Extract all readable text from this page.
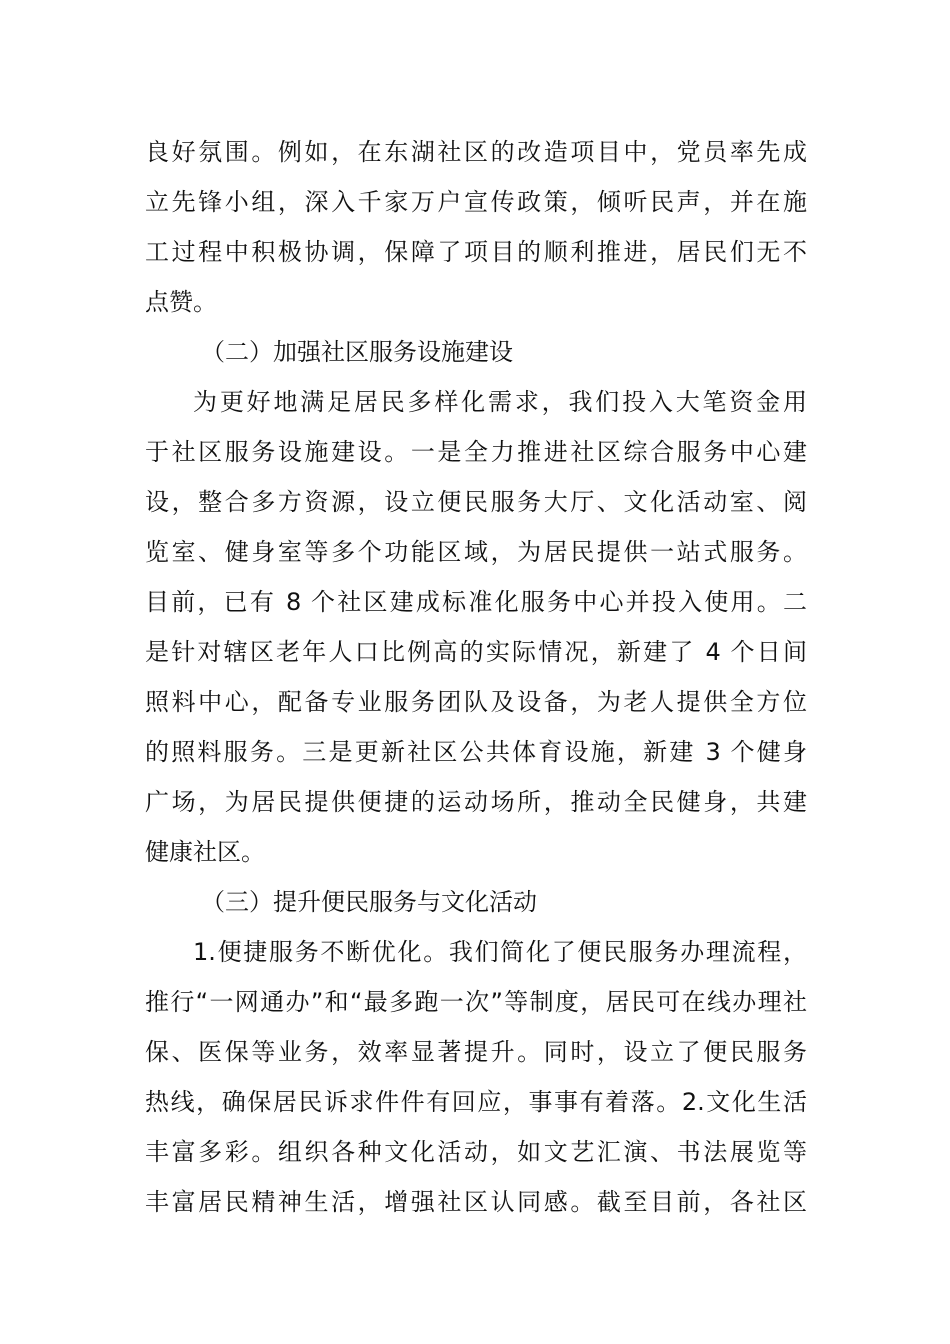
良好氛围。例如，在东湖社区的改造项目中，党员率先成
立先锋小组，深入千家万户宣传政策，倾听民声，并在施
工过程中积极协调，保障了项目的顺利推进，居民们无不
点赞。
（二）加强社区服务设施建设
为更好地满足居民多样化需求，我们投入大笔资金用
于社区服务设施建设。一是全力推进社区综合服务中心建
设，整合多方资源，设立便民服务大厅、文化活动室、阅
览室、健身室等多个功能区域，为居民提供一站式服务。
目前，已有 8 个社区建成标准化服务中心并投入使用。二
是针对辖区老年人口比例高的实际情况，新建了 4 个日间
照料中心，配备专业服务团队及设备，为老人提供全方位
的照料服务。三是更新社区公共体育设施，新建 3 个健身
广场，为居民提供便捷的运动场所，推动全民健身，共建
健康社区。
（三）提升便民服务与文化活动
1.便捷服务不断优化。我们简化了便民服务办理流程，
推行“一网通办”和“最多跑一次”等制度，居民可在线办理社
保、医保等业务，效率显著提升。同时，设立了便民服务
热线，确保居民诉求件件有回应，事事有着落。2.文化生活
丰富多彩。组织各种文化活动，如文艺汇演、书法展览等
丰富居民精神生活，增强社区认同感。截至目前，各社区
